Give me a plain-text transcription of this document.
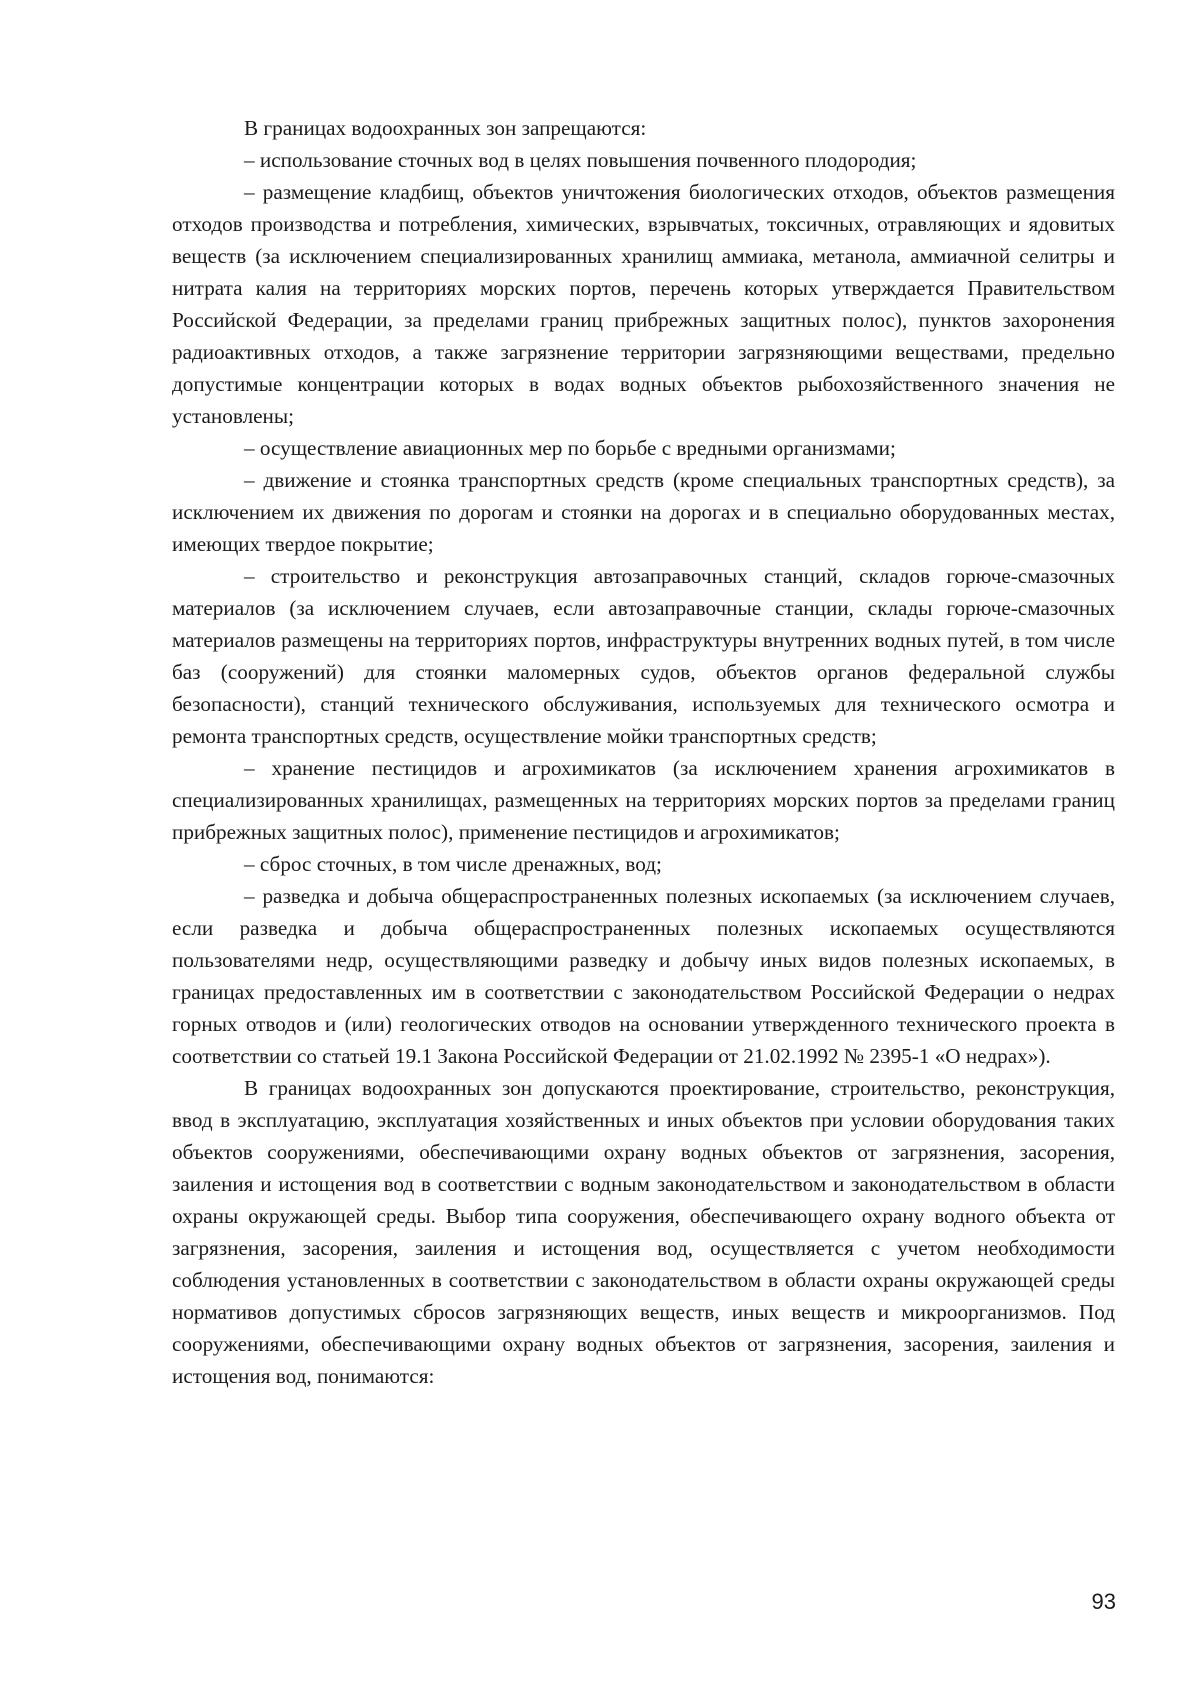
В границах водоохранных зон запрещаются:

– использование сточных вод в целях повышения почвенного плодородия;

– размещение кладбищ, объектов уничтожения биологических отходов, объектов размещения отходов производства и потребления, химических, взрывчатых, токсичных, отравляющих и ядовитых веществ (за исключением специализированных хранилищ аммиака, метанола, аммиачной селитры и нитрата калия на территориях морских портов, перечень которых утверждается Правительством Российской Федерации, за пределами границ прибрежных защитных полос), пунктов захоронения радиоактивных отходов, а также загрязнение территории загрязняющими веществами, предельно допустимые концентрации которых в водах водных объектов рыбохозяйственного значения не установлены;

– осуществление авиационных мер по борьбе с вредными организмами;

– движение и стоянка транспортных средств (кроме специальных транспортных средств), за исключением их движения по дорогам и стоянки на дорогах и в специально оборудованных местах, имеющих твердое покрытие;

– строительство и реконструкция автозаправочных станций, складов горюче-смазочных материалов (за исключением случаев, если автозаправочные станции, склады горюче-смазочных материалов размещены на территориях портов, инфраструктуры внутренних водных путей, в том числе баз (сооружений) для стоянки маломерных судов, объектов органов федеральной службы безопасности), станций технического обслуживания, используемых для технического осмотра и ремонта транспортных средств, осуществление мойки транспортных средств;

– хранение пестицидов и агрохимикатов (за исключением хранения агрохимикатов в специализированных хранилищах, размещенных на территориях морских портов за пределами границ прибрежных защитных полос), применение пестицидов и агрохимикатов;

– сброс сточных, в том числе дренажных, вод;

– разведка и добыча общераспространенных полезных ископаемых (за исключением случаев, если разведка и добыча общераспространенных полезных ископаемых осуществляются пользователями недр, осуществляющими разведку и добычу иных видов полезных ископаемых, в границах предоставленных им в соответствии с законодательством Российской Федерации о недрах горных отводов и (или) геологических отводов на основании утвержденного технического проекта в соответствии со статьей 19.1 Закона Российской Федерации от 21.02.1992 № 2395-1 «О недрах»).

В границах водоохранных зон допускаются проектирование, строительство, реконструкция, ввод в эксплуатацию, эксплуатация хозяйственных и иных объектов при условии оборудования таких объектов сооружениями, обеспечивающими охрану водных объектов от загрязнения, засорения, заиления и истощения вод в соответствии с водным законодательством и законодательством в области охраны окружающей среды. Выбор типа сооружения, обеспечивающего охрану водного объекта от загрязнения, засорения, заиления и истощения вод, осуществляется с учетом необходимости соблюдения установленных в соответствии с законодательством в области охраны окружающей среды нормативов допустимых сбросов загрязняющих веществ, иных веществ и микроорганизмов. Под сооружениями, обеспечивающими охрану водных объектов от загрязнения, засорения, заиления и истощения вод, понимаются:

93
